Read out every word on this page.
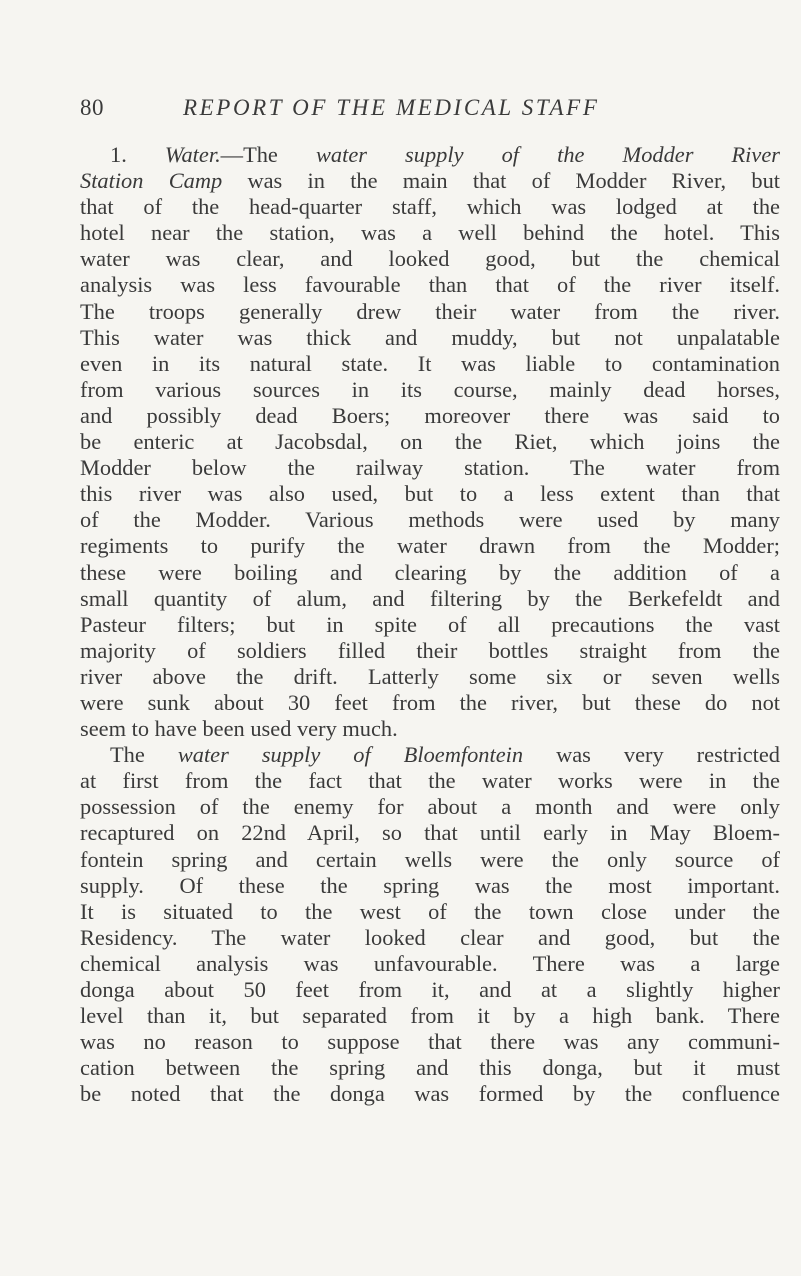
80	REPORT OF THE MEDICAL STAFF
1. Water.—The water supply of the Modder River
Station Camp was in the main that of Modder River, but
that of the head-quarter staff, which was lodged at the
hotel near the station, was a well behind the hotel. This
water was clear, and looked good, but the chemical
analysis was less favourable than that of the river itself.
The troops generally drew their water from the river.
This water was thick and muddy, but not unpalatable
even in its natural state. It was liable to contamination
from various sources in its course, mainly dead horses,
and possibly dead Boers; moreover there was said to
be enteric at Jacobsdal, on the Riet, which joins the
Modder below the railway station. The water from
this river was also used, but to a less extent than that
of the Modder. Various methods were used by many
regiments to purify the water drawn from the Modder;
these were boiling and clearing by the addition of a
small quantity of alum, and filtering by the Berkefeldt and
Pasteur filters; but in spite of all precautions the vast
majority of soldiers filled their bottles straight from the
river above the drift. Latterly some six or seven wells
were sunk about 30 feet from the river, but these do not
seem to have been used very much.
The water supply of Bloemfontein was very restricted
at first from the fact that the water works were in the
possession of the enemy for about a month and were only
recaptured on 22nd April, so that until early in May Bloem-
fontein spring and certain wells were the only source of
supply. Of these the spring was the most important.
It is situated to the west of the town close under the
Residency. The water looked clear and good, but the
chemical analysis was unfavourable. There was a large
donga about 50 feet from it, and at a slightly higher
level than it, but separated from it by a high bank. There
was no reason to suppose that there was any communi-
cation between the spring and this donga, but it must
be noted that the donga was formed by the confluence
